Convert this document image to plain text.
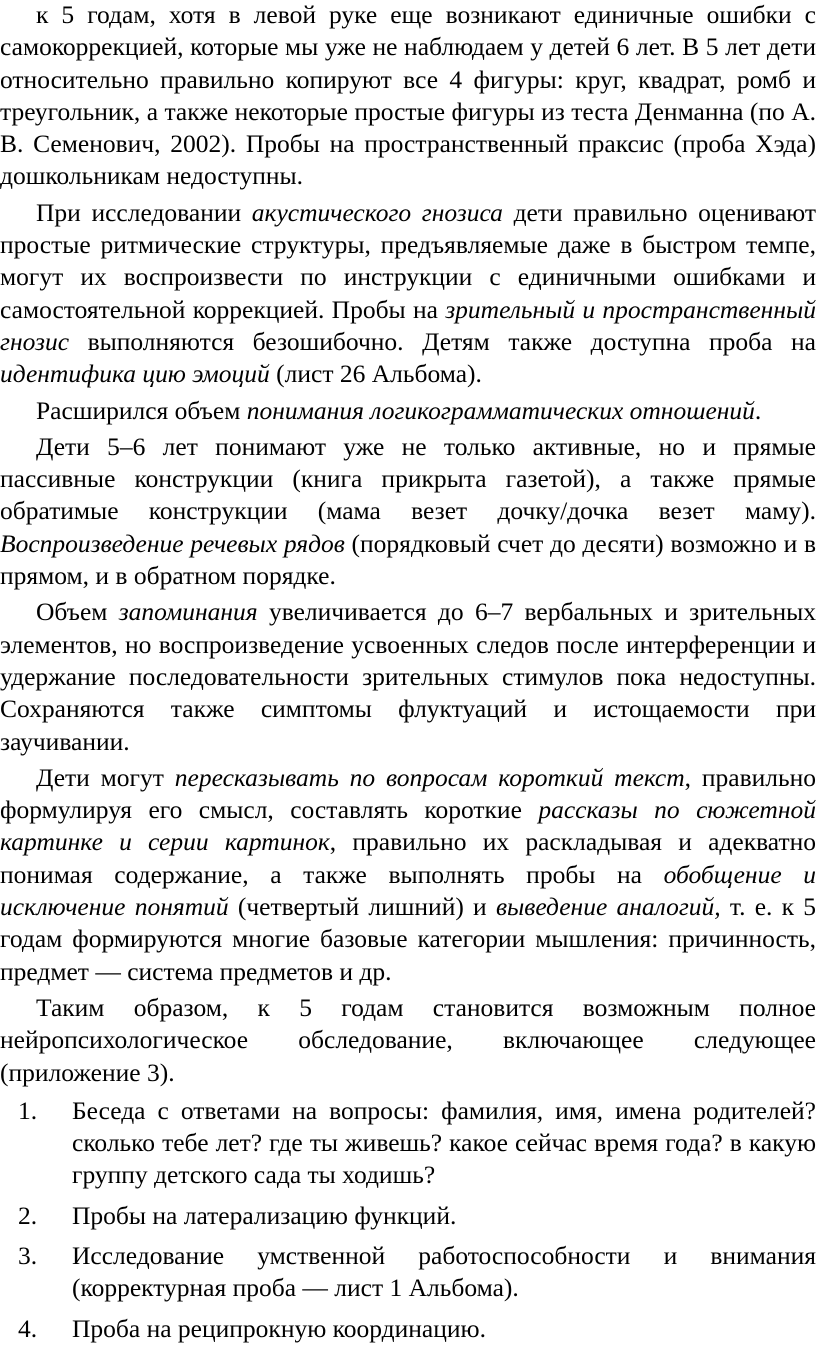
к 5 годам, хотя в левой руке еще возникают единичные ошибки с самокоррекцией, которые мы уже не наблюдаем у детей 6 лет. В 5 лет дети относительно правильно копируют все 4 фигуры: круг, квадрат, ромб и треугольник, а также некоторые простые фигуры из теста Денманна (по А. В. Семенович, 2002). Пробы на пространственный праксис (проба Хэда) дошкольникам недоступны.

При исследовании акустического гнозиса дети правильно оценивают простые ритмические структуры, предъявляемые даже в быстром темпе, могут их воспроизвести по инструкции с единичными ошибками и самостоятельной коррекцией. Пробы на зрительный и пространственный гнозис выполняются безошибочно. Детям также доступна проба на идентифика цию эмоций (лист 26 Альбома).

Расширился объем понимания логикограмматических отношений.

Дети 5–6 лет понимают уже не только активные, но и прямые пассивные конструкции (книга прикрыта газетой), а также прямые обратимые конструкции (мама везет дочку/дочка везет маму). Воспроизведение речевых рядов (порядковый счет до десяти) возможно и в прямом, и в обратном порядке.

Объем запоминания увеличивается до 6–7 вербальных и зрительных элементов, но воспроизведение усвоенных следов после интерференции и удержание последовательности зрительных стимулов пока недоступны. Сохраняются также симптомы флуктуаций и истощаемости при заучивании.

Дети могут пересказывать по вопросам короткий текст, правильно формулируя его смысл, составлять короткие рассказы по сюжетной картинке и серии картинок, правильно их раскладывая и адекватно понимая содержание, а также выполнять пробы на обобщение и исключение понятий (четвертый лишний) и выведение аналогий, т. е. к 5 годам формируются многие базовые категории мышления: причинность, предмет — система предметов и др.

Таким образом, к 5 годам становится возможным полное нейропсихологическое обследование, включающее следующее (приложение 3).

1. Беседа с ответами на вопросы: фамилия, имя, имена родителей?сколько тебе лет? где ты живешь? какое сейчас время года? в какую группу детского сада ты ходишь?
2. Пробы на латерализацию функций.
3. Исследование умственной работоспособности и внимания (корректурная проба — лист 1 Альбома).
4. Проба на реципрокную координацию.
